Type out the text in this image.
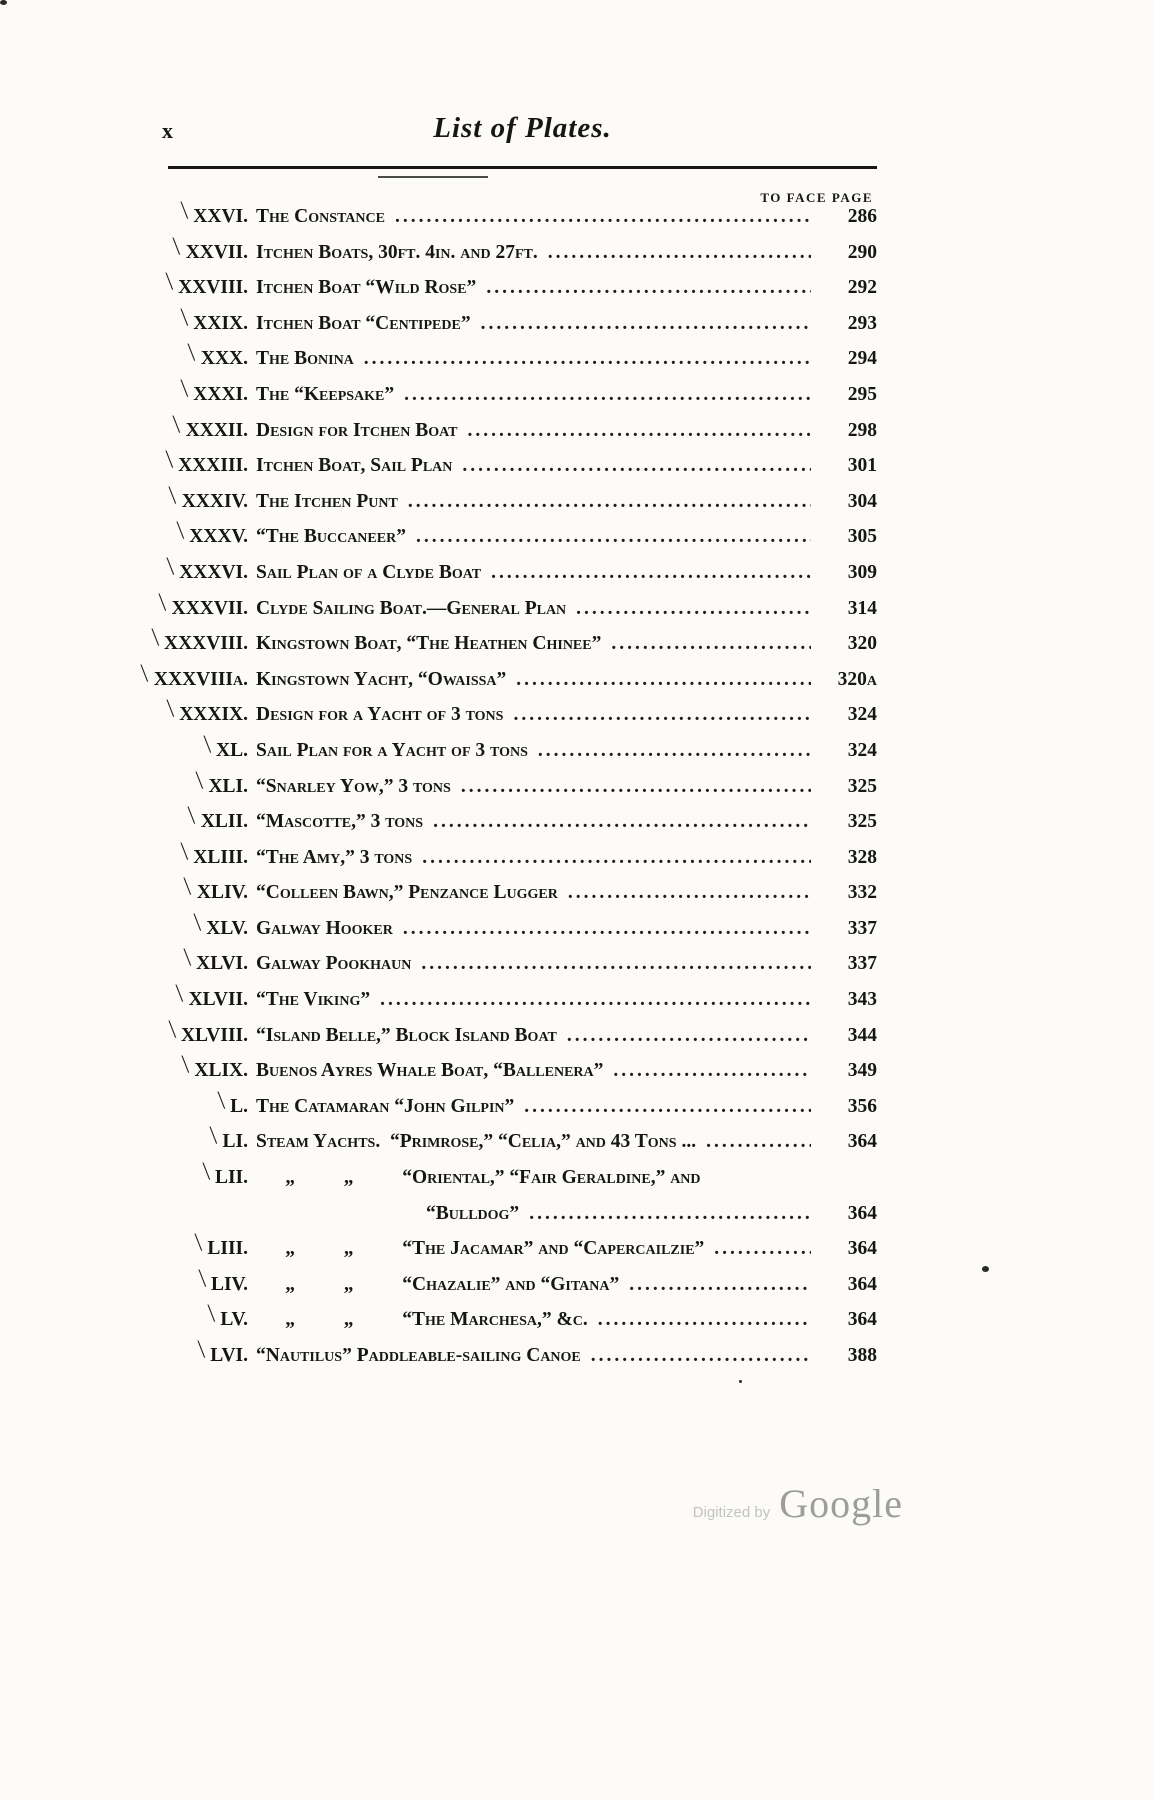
x	List of Plates.
TO FACE PAGE
╲ XXVI. The Constance .....	286
╲ XXVII. Itchen Boats, 30ft. 4in. and 27ft. .....	290
╲ XXVIII. Itchen Boat “Wild Rose” .....	292
╲ XXIX. Itchen Boat “Centipede” .....	293
╲ XXX. The Bonina .....	294
╲ XXXI. The “Keepsake” .....	295
╲ XXXII. Design for Itchen Boat .....	298
╲ XXXIII. Itchen Boat, Sail Plan .....	301
╲ XXXIV. The Itchen Punt .....	304
╲ XXXV. “The Buccaneer” .....	305
╲ XXXVI. Sail Plan of a Clyde Boat .....	309
╲ XXXVII. Clyde Sailing Boat.—General Plan .....	314
╲ XXXVIII. Kingstown Boat, “The Heathen Chinee” .....	320
╲ XXXVIIIa. Kingstown Yacht, “Owaissa” .....	320a
╲ XXXIX. Design for a Yacht of 3 tons .....	324
╲ XL. Sail Plan for a Yacht of 3 tons .....	324
╲ XLI. “Snarley Yow,” 3 tons .....	325
╲ XLII. “Mascotte,” 3 tons .....	325
╲ XLIII. “The Amy,” 3 tons .....	328
╲ XLIV. “Colleen Bawn,” Penzance Lugger .....	332
╲ XLV. Galway Hooker .....	337
╲ XLVI. Galway Pookhaun .....	337
╲ XLVII. “The Viking” .....	343
╲ XLVIII. “Island Belle,” Block Island Boat .....	344
╲ XLIX. Buenos Ayres Whale Boat, “Ballenera” .....	349
╲ L. The Catamaran “John Gilpin” .....	356
╲ LI. Steam Yachts. “Primrose,” “Celia,” and 43 Tons ... .....	364
╲ LII.   „   „   “Oriental,” “Fair Geraldine,” and
“Bulldog” .....	364
╲ LIII.   „   „   “The Jacamar” and “Capercailzie” .....	364
╲ LIV.   „   „   “Chazalie” and “Gitana” .....	364
╲ LV.   „   „   “The Marchesa,” &c. .....	364
╲ LVI. “Nautilus” Paddleable-sailing Canoe .....	388
Digitized by Google
